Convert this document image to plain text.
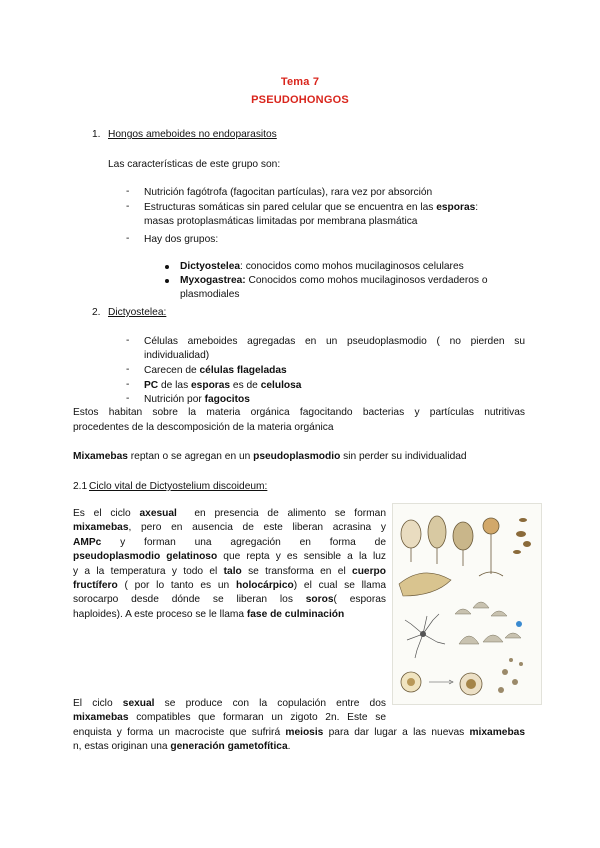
Tema 7
PSEUDOHONGOS
1. Hongos ameboides no endoparasitos
Las características de este grupo son:
- Nutrición fagótrofa (fagocitan partículas), rara vez por absorción
- Estructuras somáticas sin pared celular que se encuentra en las esporas:
masas protoplasmáticas limitadas por membrana plasmática
- Hay dos grupos:
Dictyostelea: conocidos como mohos mucilaginosos celulares
Myxogastrea: Conocidos como mohos mucilaginosos verdaderos o
plasmodiales
2. Dictyostelea:
- Células ameboides agregadas en un pseudoplasmodio ( no pierden su
individualidad)
- Carecen de células flageladas
- PC de las esporas es de celulosa
- Nutrición por fagocitos
Estos habitan sobre la materia orgánica fagocitando bacterias y partículas nutritivas
procedentes de la descomposición de la materia orgánica
Mixamebas reptan o se agregan en un pseudoplasmodio sin perder su individualidad
2.1 Ciclo vital de Dictyostelium discoideum:
Es el ciclo axesual  en presencia de alimento se forman
mixamebas, pero en ausencia de este liberan acrasina y
AMPc    y    forman    una    agregación    en    forma    de
pseudoplasmodio gelatinoso que repta y es sensible a la luz
y a la temperatura y todo el talo se transforma en el cuerpo
fructífero ( por lo tanto es un holocárpico) el cual se llama
sorocarpo desde dónde se liberan los soros( esporas
haploides). A este proceso se le llama fase de culminación
El ciclo sexual se produce con la copulación entre dos
mixamebas compatibles que formaran un zigoto 2n. Este se
enquista y forma un macrociste que sufrirá meiosis para dar lugar a las nuevas mixamebas
n, estas originan una generación gametofítica.
